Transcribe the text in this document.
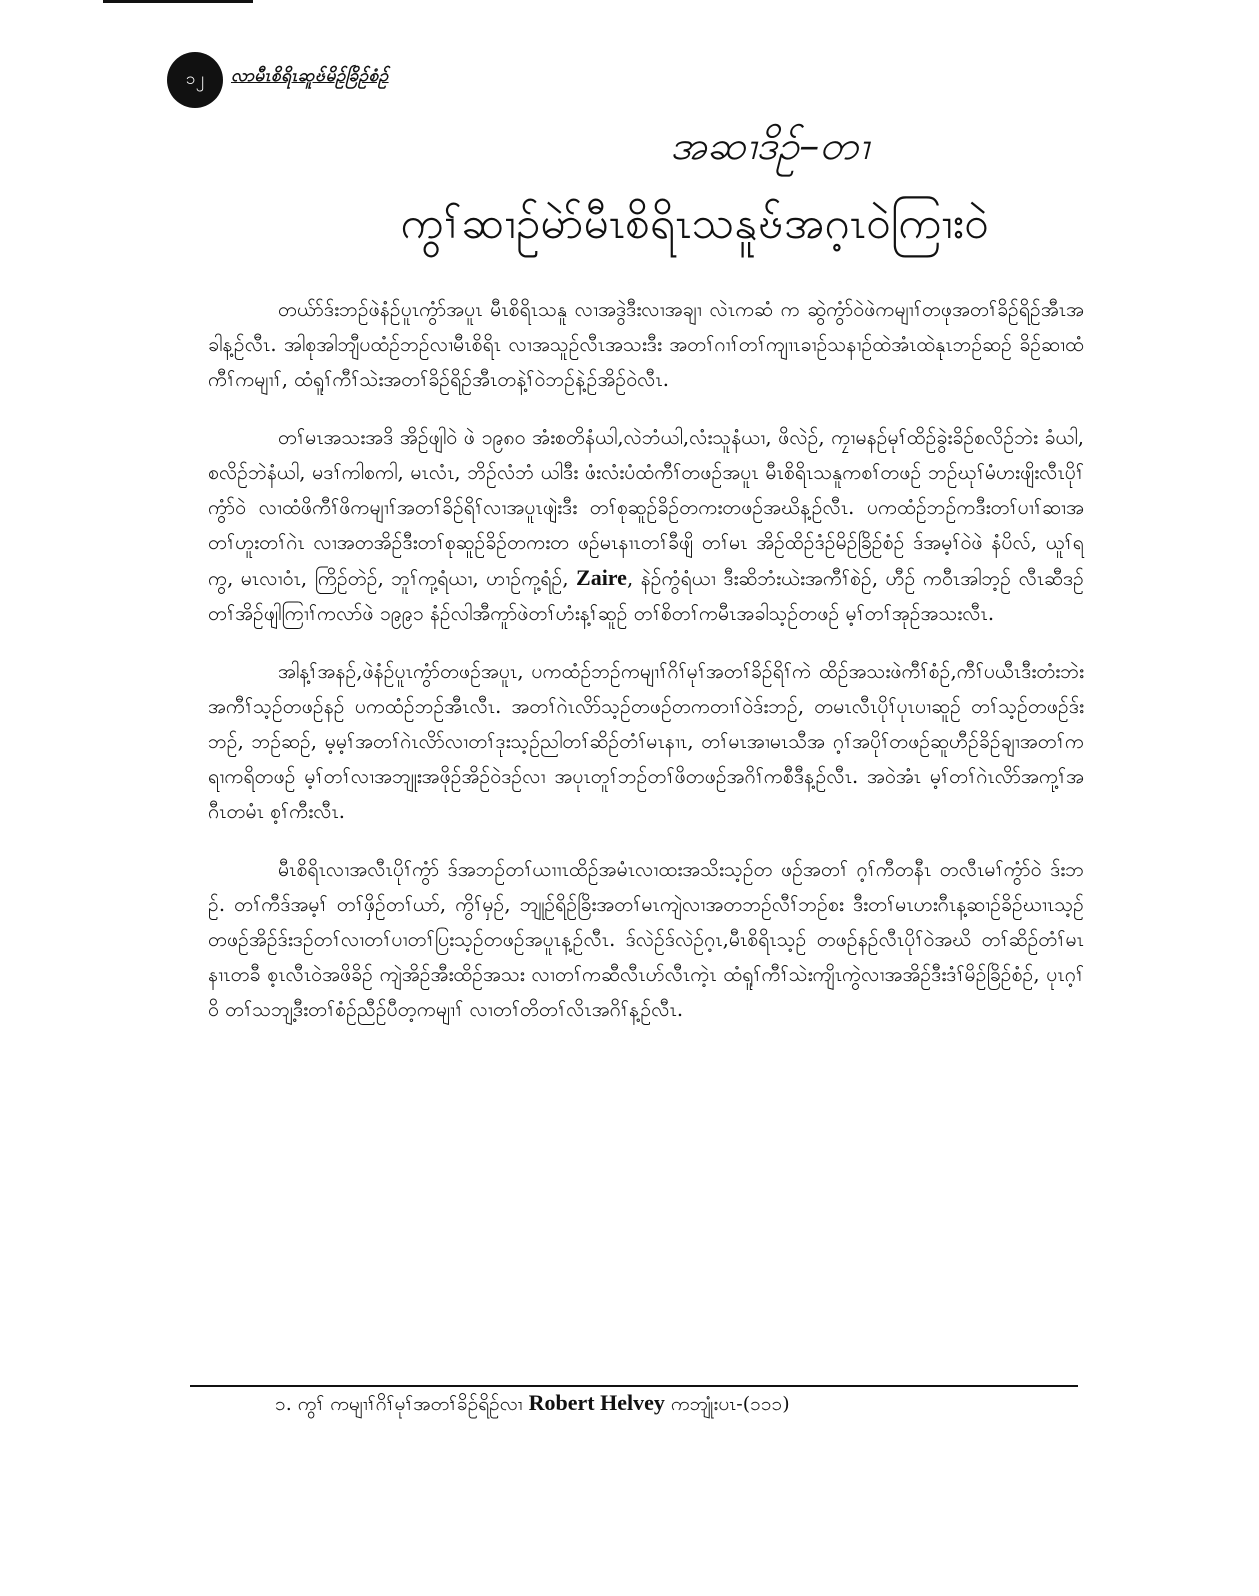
၁၂	လာမီၤစိရိၤဆူၓ်မိဉ်ခြိဉ်စံဉ်
အဆၢဒိဉ်–တၢ
ကွၢ်ဆၢဉ်မဲာ်မီၤစိရိၤသနူၓ်အဂ့ၤဝဲကြၢးဝဲ

တယ်ာ်ဒ်းဘဉ်ဖဲနံဉ်ပူၤကွံာ်အပူၤ မီၤစိရိၤသနူ လၢအဒွဲဒီးလၢအချၢ လဲၤကဆံ က ဆွဲကွံာ်ဝဲဖဲကမျၢၢ်တဖုအတၢ်ခိဉ်ရိဉ်အီၤအခါန့ဉ်လီၤ. အါစုအါဘျီပထံဉ်ဘဉ်လၢမီၤစိရိၤ လၢအသူဉ်လီၤအသးဒီး အတၢ်ဂၢၢ်တၢ်ကျၢၤခၢဉ်သနၢဉ်ထဲအံၤထဲနုၤဘဉ်ဆဉ် ခိဉ်ဆၢထံ ကီၢ်ကမျၢၢ်, ထံရူၢ်ကီၢ်သဲးအတၢ်ခိဉ်ရိဉ်အီၤတနဲ့ၢ်ဝဲဘဉ်နဲ့ဉ်အိဉ်ဝဲလီၤ.

တၢ်မၤအသးအဒိ အိဉ်ဖျါဝဲ ဖဲ ၁၉၈၀ အံးစတိနံယါ,လဲဘံယါ,လံးသူနံယၢ, ဖိလဲဉ်, ကၠၢမနဉ်မုၢ်ထိဉ်ခွဲးခိဉ်စလိဉ်ဘဲး ခံယါ, စလိဉ်ဘဲနံယါ, မဒၢ်ကါစကါ, မၤလံၤ, ဘိဉ်လံဘံ ယါဒီး ဖံးလံးပံထံကီၢ်တဖဉ်အပူၤ မီၤစိရိၤသနူကစၢ်တဖဉ် ဘဉ်ဃုၢ်မံဟးဖျိးလီၤပိုၢ်ကွံာ်ဝဲ လၢထံဖိကီၢ်ဖိကမျၢၢ်အတၢ်ခိဉ်ရိၢ်လၢအပူၤဖျဲးဒီး တၢ်စုဆူဉ်ခိဉ်တကးတဖဉ်အဃိန့ဉ်လီၤ. ပကထံဉ်ဘဉ်ကဒီးတၢ်ပၢၢ်ဆၢအတၢ်ဟူးတၢ်ဂဲၤ လၢအတအိဉ်ဒီးတၢ်စုဆူဉ်ခိဉ်တကးတ ဖဉ်မၤနၢၤတၢ်ခီဖျိ တၢ်မၤ အိဉ်ထိဉ်ဒံဉ်မိဉ်ခြိဉ်စံဉ် ဒ်အမ့ၢ်ဝဲဖဲ နံပိလ်, ယူၢ်ရကွ, မၤလၢဝံၤ, ကြိဉ်တဲဉ်, ဘူၢ်ကု့ရံယၢ, ဟၢဉ်ကု့ရံဉ်, Zaire, နဲဉ်ကွံရံယၢ ဒီးဆိဘံးယဲးအကီၢ်စဲဉ်, ဟီဉ် ကဝီၤအါဘ့ဉ် လီၤဆီဒဉ်တၢ်အိဉ်ဖျါကြၢၢ်ကလာ်ဖဲ ၁၉၉၁ နံဉ်လါအီကူာ်ဖဲတၢ်ဟံးန့ၢ်ဆူဉ် တၢ်စိတၢ်ကမီၤအခါသ့ဉ်တဖဉ် မ့ၢ်တၢ်အုဉ်အသးလီၤ.

အါန့ၢ်အနဉ်,ဖဲနံဉ်ပူၤကွံာ်တဖဉ်အပူၤ, ပကထံဉ်ဘဉ်ကမျၢၢ်ဂိၢ်မုၢ်အတၢ်ခိဉ်ရိၢ်ကဲ ထိဉ်အသးဖဲကီၢ်စံဉ်,ကီၢ်ပယီၤဒီးတံးဘဲးအကီၢ်သ့ဉ်တဖဉ်နဉ် ပကထံဉ်ဘဉ်အီၤလီၤ. အတၢ်ဂဲၤလိာ်သ့ဉ်တဖဉ်တကတၢၢ်ဝဲဒ်းဘဉ်, တမၤလီၤပိုၢ်ပုၤပၢဆူဉ် တၢ်သ့ဉ်တဖဉ်ဒ်းဘဉ်, ဘဉ်ဆဉ်, မ့မ့ၢ်အတၢ်ဂဲၤလိာ်လၢတၢ်ဒုးသ့ဉ်ညါတၢ်ဆိဉ်တံၢ်မၤနၢၤ, တၢ်မၤအၢမၤသီအ ဂ့ၢ်အပိုၢ်တဖဉ်ဆူဟီဉ်ခိဉ်ချၢအတၢ်ကရၢကရိတဖဉ် မ့ၢ်တၢ်လၢအဘျုးအဖိုဉ်အိဉ်ဝဲဒဉ်လၢ အပုၤတူၢ်ဘဉ်တၢ်ဖိတဖဉ်အဂိၢ်ကစီဒီန့ဉ်လီၤ. အဝဲအံၤ မ့ၢ်တၢ်ဂဲၤလိာ်အကု့ၢ်အဂီၤတမံၤ စ့ၢ်ကီးလီၤ.

မီၤစိရိၤလၢအလီၤပိုၢ်ကွံာ် ဒ်အဘဉ်တၢ်ယၢၢၤထိဉ်အမံၤလၢထးအသိးသ့ဉ်တ ဖဉ်အတၢ် ဂ့ၢ်ကီတနီၤ တလီၤမၢ်ကွံာ်ဝဲ ဒ်းဘဉ်. တၢ်ကီဒ်အမ့ၢ် တၢ်ဖှိဉ်တၢ်ယာ်, ကွိၢ်မှဉ်, ဘျုဉ်ရိဉ်ခြိးအတၢ်မၤကျဲလၢအတဘဉ်လီၢ်ဘဉ်စး ဒီးတၢ်မၤဟးဂီၤန့ဆၢဉ်ခိဉ်ဃၢၤသ့ဉ် တဖဉ်အိဉ်ဒ်းဒဉ်တၢ်လၢတၢ်ပၢတၢ်ပြးသ့ဉ်တဖဉ်အပူၤန့ဉ်လီၤ. ဒ်လဲဉ်ဒ်လဲဉ်ဂ့ၤ,မီၤစိရိၤသ့ဉ် တဖဉ်နဉ်လီၤပိုၢ်ဝဲအဃိ တၢ်ဆိဉ်တံၢ်မၤနၢၤတခီ စ့ၤလီၤဝဲအဖိခိဉ် ကျဲအိဉ်အီးထိဉ်အသး လၢတၢ်ကဆီလီၤဟ်လီၤကဲ့ၤ ထံရူၢ်ကီၢ်သဲးကျိၤကွဲလၢအအိဉ်ဒီးဒံၢ်မိဉ်ခြိဉ်စံဉ်, ပုၤဂ့ၢ်ဝိ တၢ်သဘျ့ဒီးတၢ်စံဉ်ညီဉ်ပီတ့ကမျၢၢ် လၢတၢ်တိတၢ်လိၤအဂိၢ်န့ဉ်လီၤ.

၁. ကွၢ် ကမျၢၢ်ဂိၢ်မုၢ်အတၢ်ခိဉ်ရိဉ်လၢ Robert Helvey ကဘျုံးပၤ-(၁၁၁)
